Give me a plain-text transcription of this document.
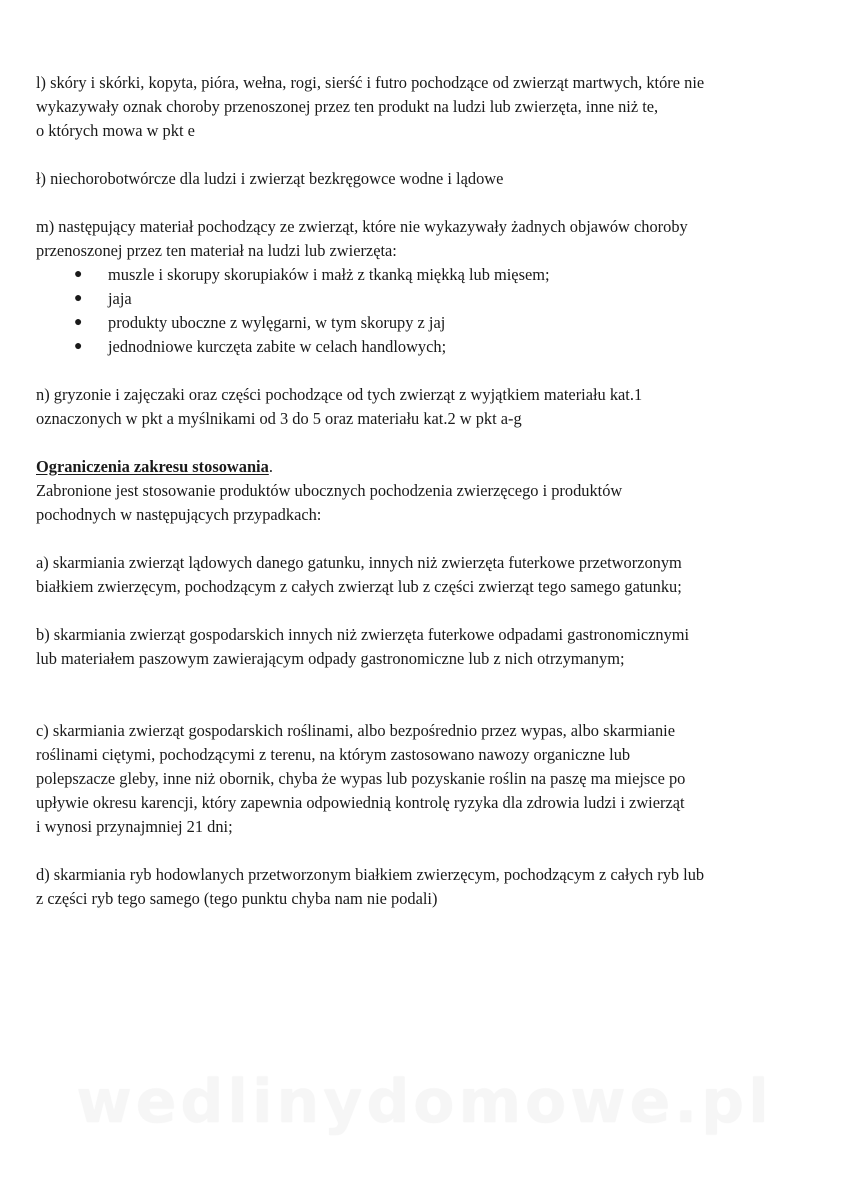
l) skóry i skórki, kopyta, pióra, wełna, rogi, sierść i futro pochodzące od zwierząt martwych, które nie
wykazywały oznak choroby przenoszonej przez ten produkt na ludzi lub zwierzęta, inne niż te,
o których mowa w pkt e

ł) niechorobotwórcze dla ludzi i zwierząt bezkręgowce wodne i lądowe

m) następujący materiał pochodzący ze zwierząt, które nie wykazywały żadnych objawów choroby
przenoszonej przez ten materiał na ludzi lub zwierzęta:

● muszle i skorupy skorupiaków i małż z tkanką miękką lub mięsem;
● jaja
● produkty uboczne z wylęgarni, w tym skorupy z jaj
● jednodniowe kurczęta zabite w celach handlowych;

n) gryzonie i zajęczaki oraz części pochodzące od tych zwierząt z wyjątkiem materiału kat.1
oznaczonych w pkt a myślnikami od 3 do 5 oraz materiału kat.2 w pkt a-g

Ograniczenia zakresu stosowania.
Zabronione jest stosowanie produktów ubocznych pochodzenia zwierzęcego i produktów
pochodnych w następujących przypadkach:

a) skarmiania zwierząt lądowych danego gatunku, innych niż zwierzęta futerkowe przetworzonym
białkiem zwierzęcym, pochodzącym z całych zwierząt lub z części zwierząt tego samego gatunku;

b) skarmiania zwierząt gospodarskich innych niż zwierzęta futerkowe odpadami gastronomicznymi
lub materiałem paszowym zawierającym odpady gastronomiczne lub z nich otrzymanym;

c) skarmiania zwierząt gospodarskich roślinami, albo bezpośrednio przez wypas, albo skarmianie
roślinami ciętymi, pochodzącymi z terenu, na którym zastosowano nawozy organiczne lub
polepszacze gleby, inne niż obornik, chyba że wypas lub pozyskanie roślin na paszę ma miejsce po
upływie okresu karencji, który zapewnia odpowiednią kontrolę ryzyka dla zdrowia ludzi i zwierząt
i wynosi przynajmniej 21 dni;

d) skarmiania ryb hodowlanych przetworzonym białkiem zwierzęcym, pochodzącym z całych ryb lub
z części ryb tego samego (tego punktu chyba nam nie podali)

wedlinydomowe.pl
